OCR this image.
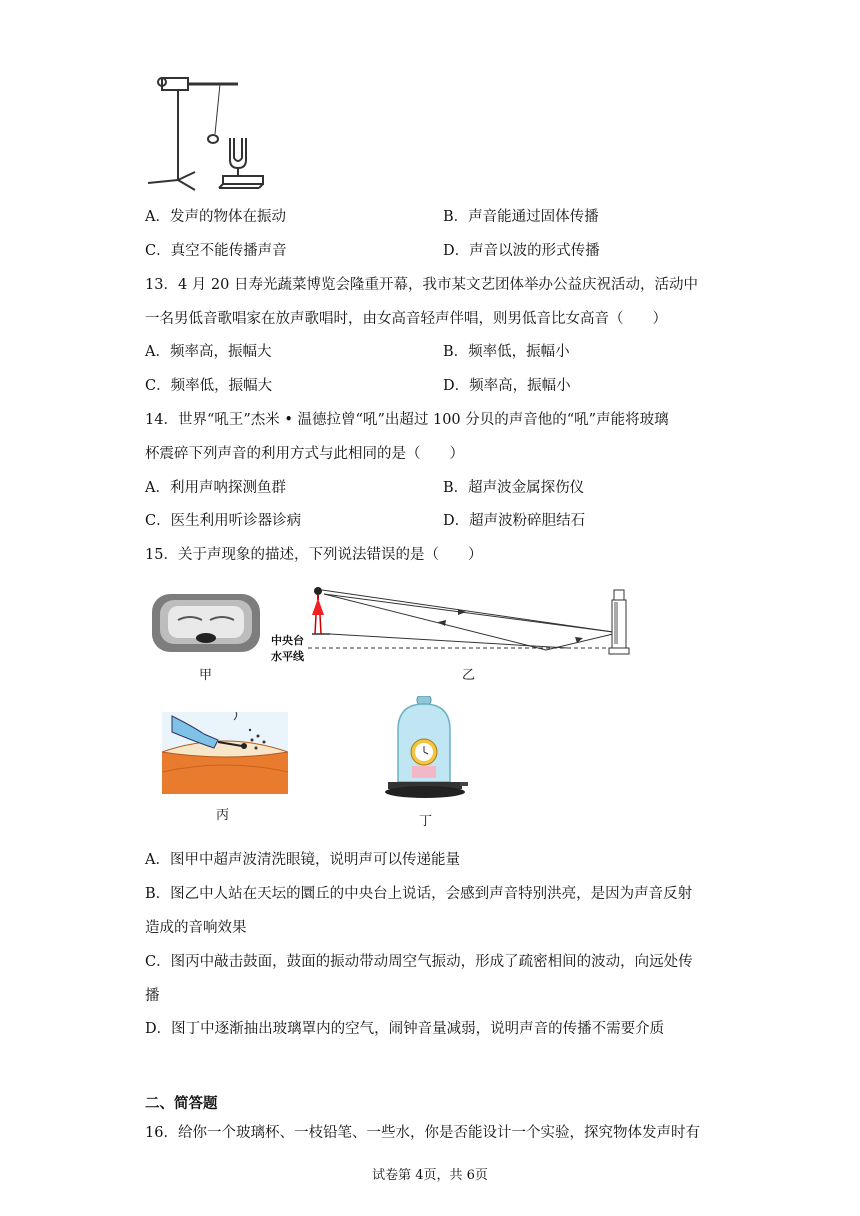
A．发声的物体在振动	B．声音能通过固体传播
C．真空不能传播声音	D．声音以波的形式传播
13．4 月 20 日寿光蔬菜博览会隆重开幕，我市某文艺团体举办公益庆祝活动，活动中
一名男低音歌唱家在放声歌唱时，由女高音轻声伴唱，则男低音比女高音（　　）
A．频率高，振幅大	B．频率低，振幅小
C．频率低，振幅大	D．频率高，振幅小
14．世界“吼王”杰米 • 温德拉曾“吼”出超过 100 分贝的声音他的“吼”声能将玻璃
杯震碎下列声音的利用方式与此相同的是（　　）
A．利用声呐探测鱼群	B．超声波金属探伤仪
C．医生利用听诊器诊病	D．超声波粉碎胆结石
15．关于声现象的描述，下列说法错误的是（　　）
甲
中央台
水平线
乙
丙	丁
A．图甲中超声波清洗眼镜，说明声可以传递能量
B．图乙中人站在天坛的圜丘的中央台上说话，会感到声音特别洪亮，是因为声音反射
造成的音响效果
C．图丙中敲击鼓面，鼓面的振动带动周空气振动，形成了疏密相间的波动，向远处传
播
D．图丁中逐渐抽出玻璃罩内的空气，闹钟音量减弱，说明声音的传播不需要介质
二、简答题
16．给你一个玻璃杯、一枝铅笔、一些水，你是否能设计一个实验，探究物体发声时有
试卷第 4页，共 6页
